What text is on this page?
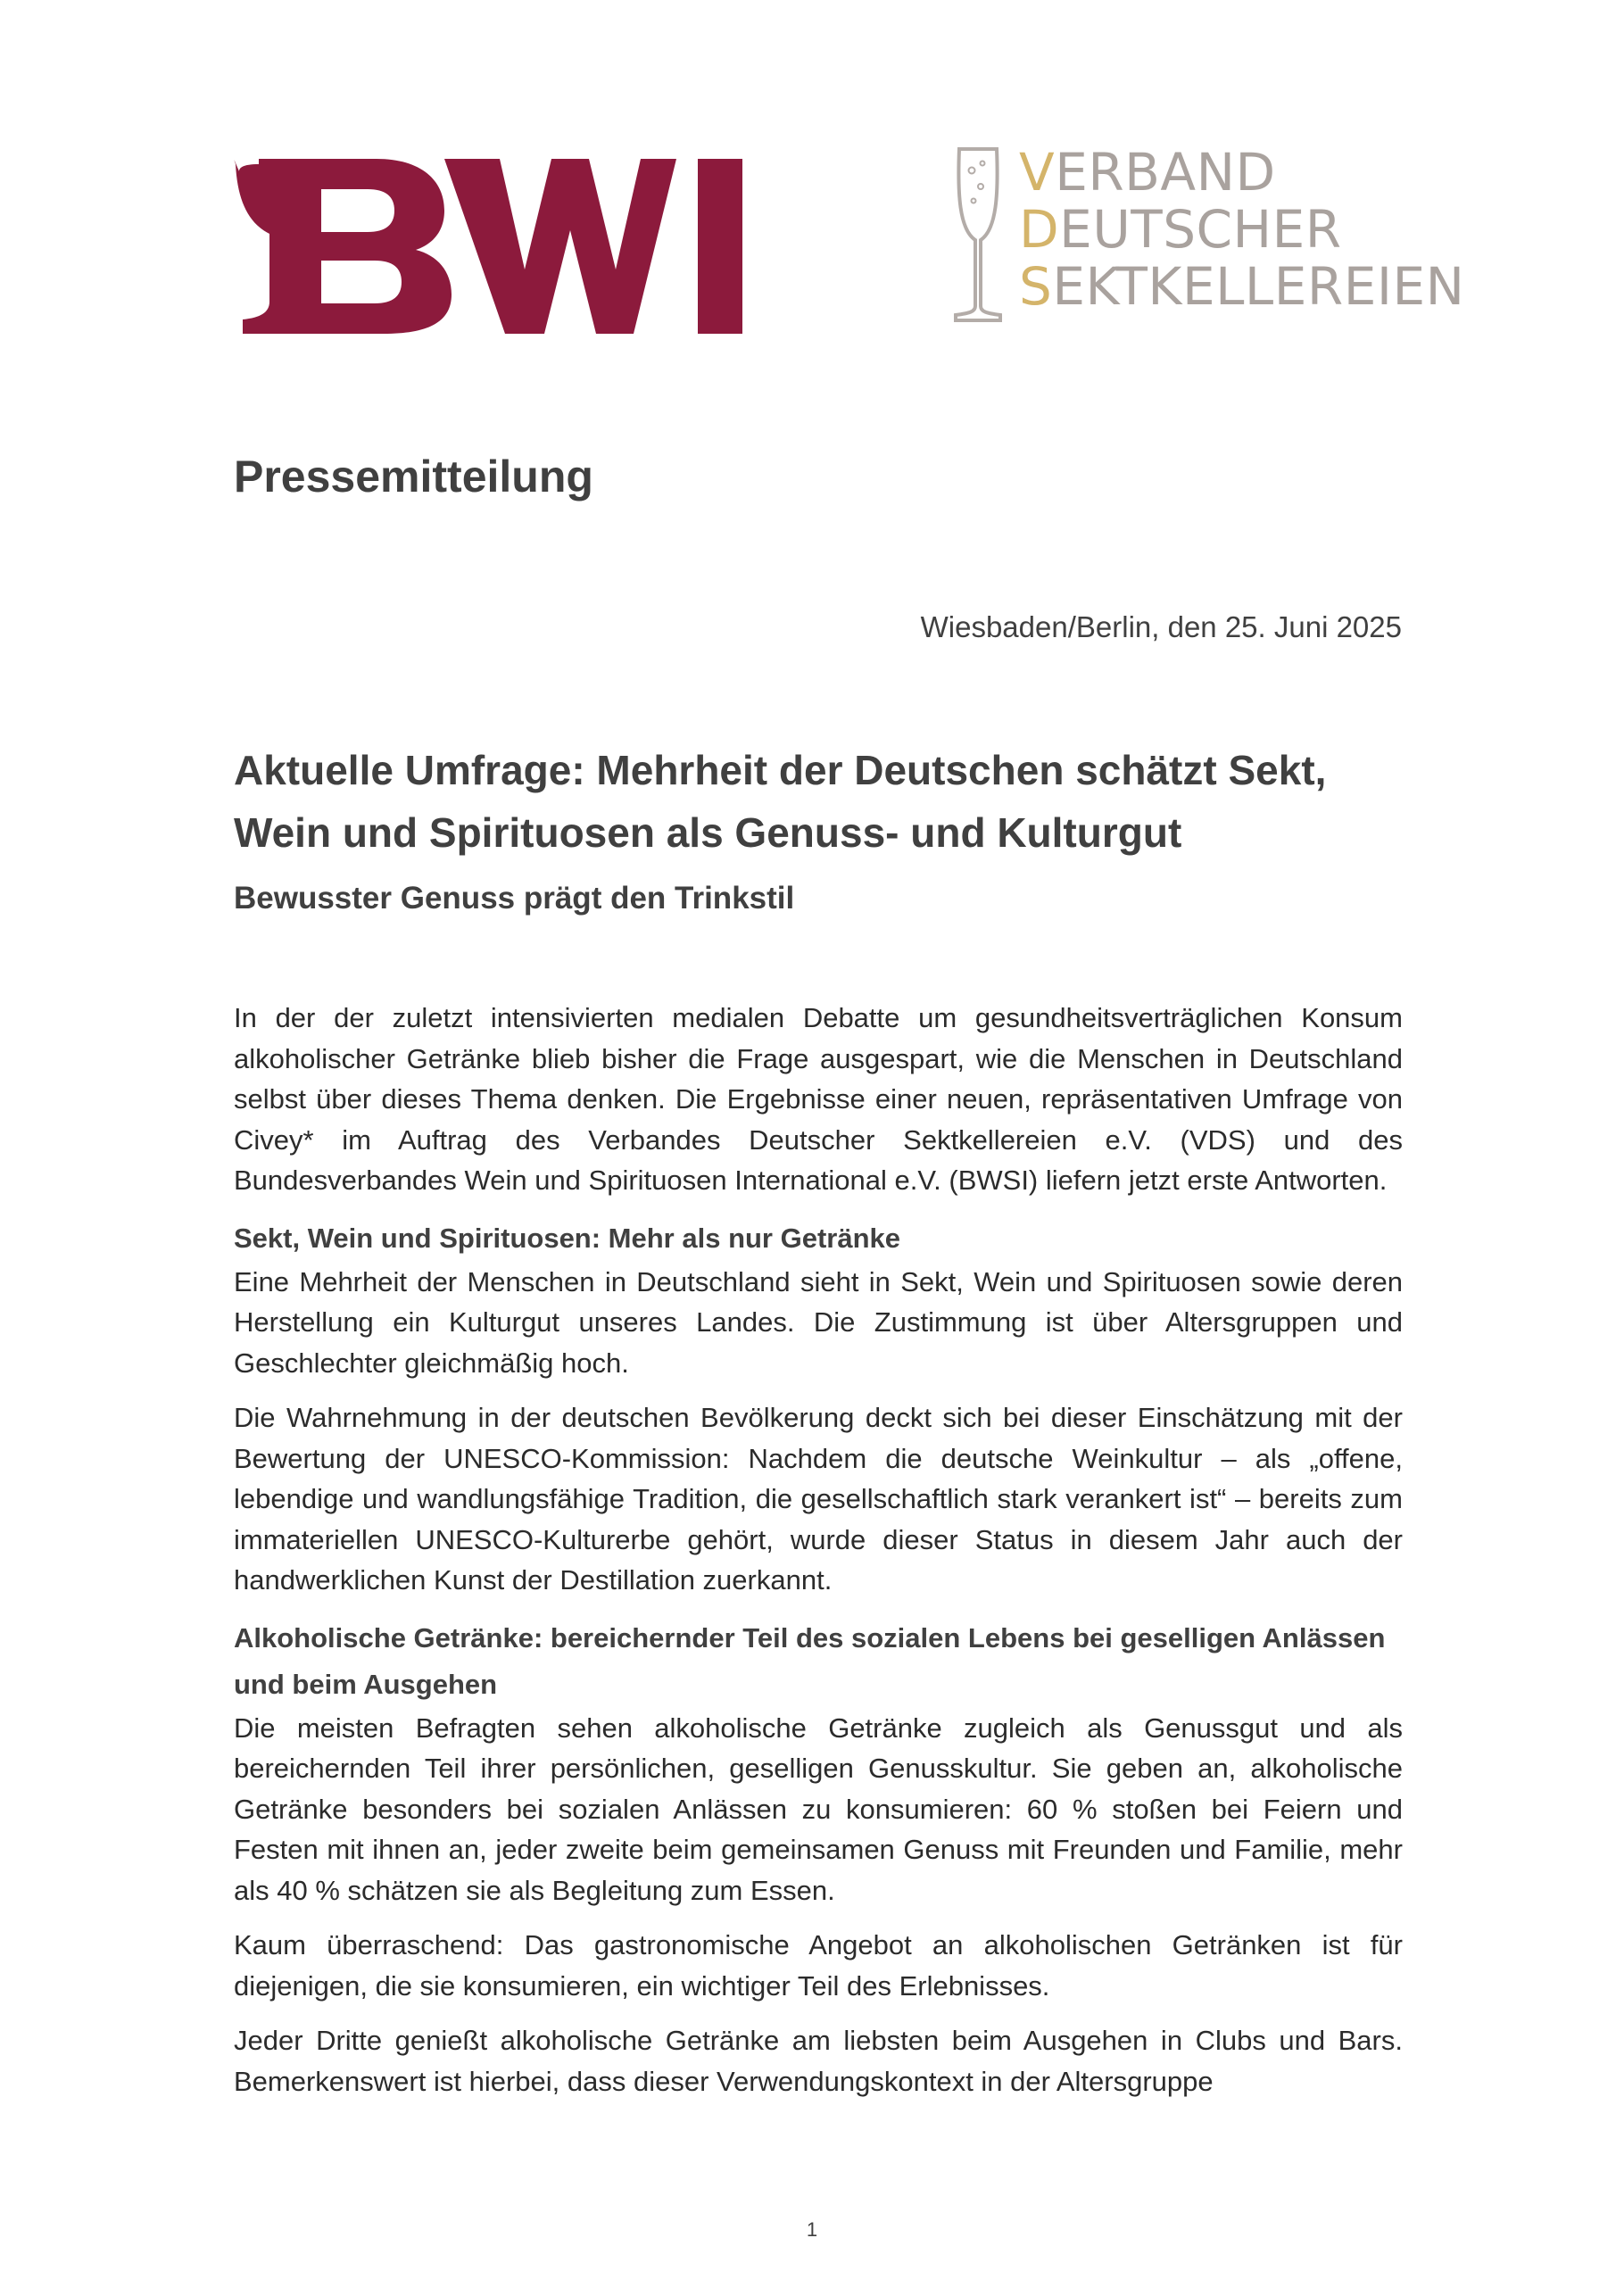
VERBAND
DEUTSCHER
SEKTKELLEREIEN
Pressemitteilung
Wiesbaden/Berlin, den 25. Juni 2025
Aktuelle Umfrage: Mehrheit der Deutschen schätzt Sekt, Wein und Spirituosen als Genuss- und Kulturgut
Bewusster Genuss prägt den Trinkstil

In der der zuletzt intensivierten medialen Debatte um gesundheitsverträglichen Konsum alkoholischer Getränke blieb bisher die Frage ausgespart, wie die Menschen in Deutschland selbst über dieses Thema denken. Die Ergebnisse einer neuen, repräsentativen Umfrage von Civey* im Auftrag des Verbandes Deutscher Sektkellereien e.V. (VDS) und des Bundesverbandes Wein und Spirituosen International e.V. (BWSI) liefern jetzt erste Antworten.

Sekt, Wein und Spirituosen: Mehr als nur Getränke

Eine Mehrheit der Menschen in Deutschland sieht in Sekt, Wein und Spirituosen sowie deren Herstellung ein Kulturgut unseres Landes. Die Zustimmung ist über Altersgruppen und Geschlechter gleichmäßig hoch.

Die Wahrnehmung in der deutschen Bevölkerung deckt sich bei dieser Einschätzung mit der Bewertung der UNESCO-Kommission: Nachdem die deutsche Weinkultur – als „offene, lebendige und wandlungsfähige Tradition, die gesellschaftlich stark verankert ist“ – bereits zum immateriellen UNESCO-Kulturerbe gehört, wurde dieser Status in diesem Jahr auch der handwerklichen Kunst der Destillation zuerkannt.

Alkoholische Getränke: bereichernder Teil des sozialen Lebens bei geselligen Anlässen und beim Ausgehen

Die meisten Befragten sehen alkoholische Getränke zugleich als Genussgut und als bereichernden Teil ihrer persönlichen, geselligen Genusskultur. Sie geben an, alkoholische Getränke besonders bei sozialen Anlässen zu konsumieren: 60 % stoßen bei Feiern und Festen mit ihnen an, jeder zweite beim gemeinsamen Genuss mit Freunden und Familie, mehr als 40 % schätzen sie als Begleitung zum Essen.

Kaum überraschend: Das gastronomische Angebot an alkoholischen Getränken ist für diejenigen, die sie konsumieren, ein wichtiger Teil des Erlebnisses.

Jeder Dritte genießt alkoholische Getränke am liebsten beim Ausgehen in Clubs und Bars. Bemerkenswert ist hierbei, dass dieser Verwendungskontext in der Altersgruppe

1
